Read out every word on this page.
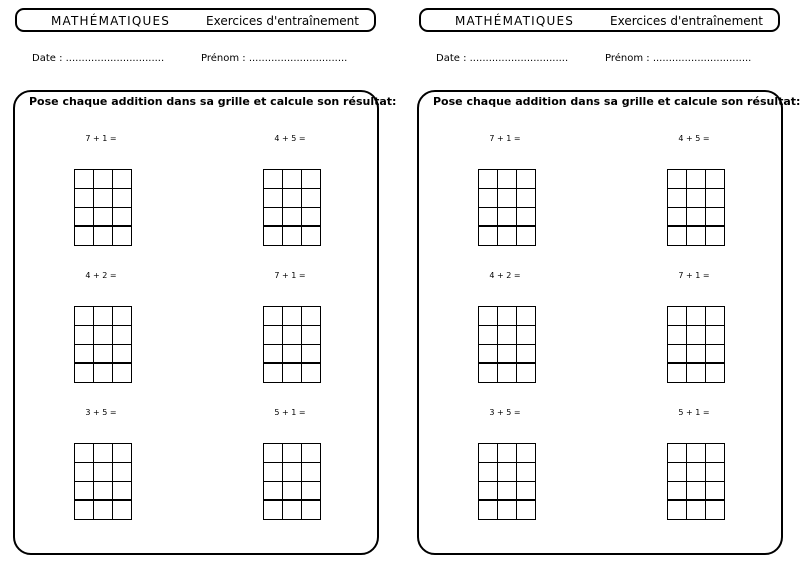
MATHÉMATIQUES	Exercices d'entraînement
Date : ...............................	Prénom : ...............................
Pose chaque addition dans sa grille et calcule son résultat:
7 + 1 =	4 + 5 =
4 + 2 =	7 + 1 =
3 + 5 =	5 + 1 =
MATHÉMATIQUES	Exercices d'entraînement
Date : ...............................	Prénom : ...............................
Pose chaque addition dans sa grille et calcule son résultat:
7 + 1 =	4 + 5 =
4 + 2 =	7 + 1 =
3 + 5 =	5 + 1 =
